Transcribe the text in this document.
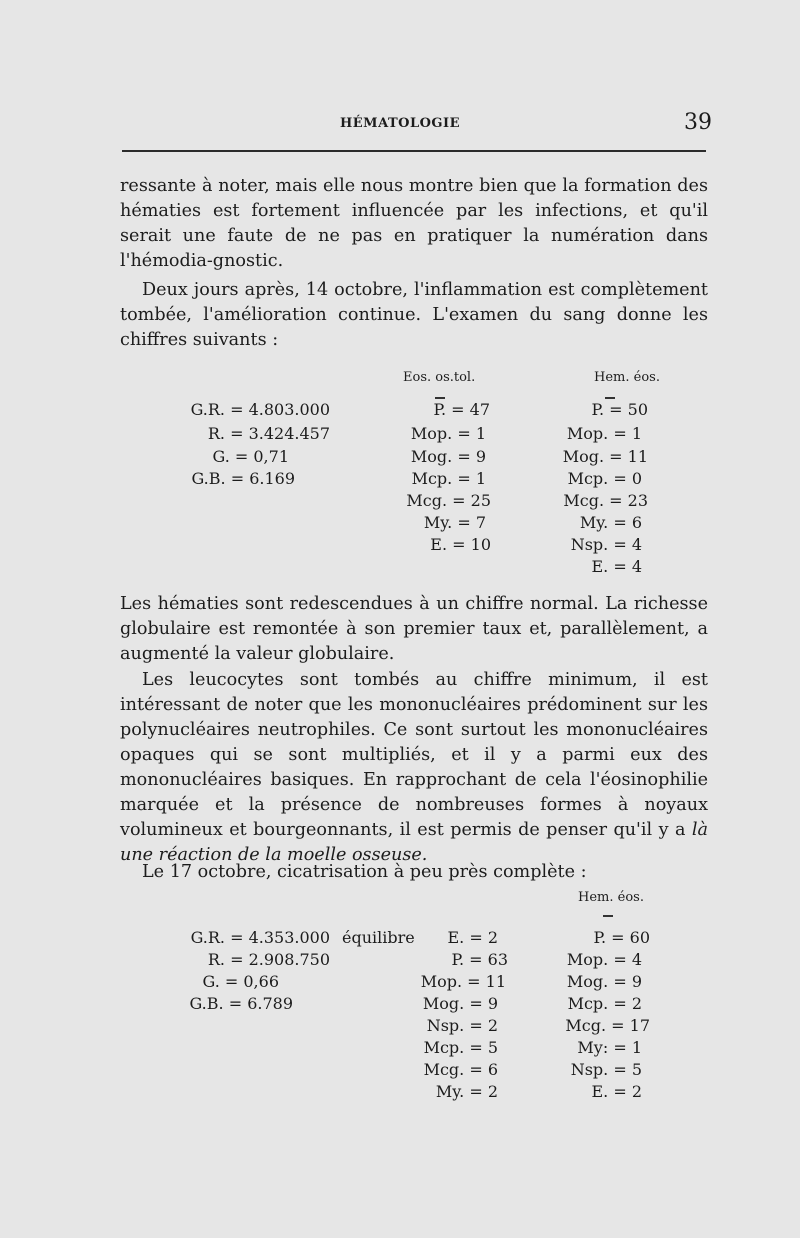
HÉMATOLOGIE	39

ressante à noter, mais elle nous montre bien que la formation des hématies est fortement influencée par les infections, et qu'il serait une faute de ne pas en pratiquer la numération dans l'hémodia-gnostic.

Deux jours après, 14 octobre, l'inflammation est complètement tombée, l'amélioration continue. L'examen du sang donne les chiffres suivants :

Eos. os.tol.	Hem. éos.
G.R. = 4.803.000
R. = 3.424.457
G. = 0,71
G.B. = 6.169
P. = 47
Mop. = 1
Mog. = 9
Mcp. = 1
Mcg. = 25
My. = 7
E. = 10
P. = 50
Mop. = 1
Mog. = 11
Mcp. = 0
Mcg. = 23
My. = 6
Nsp. = 4
E. = 4

Les hématies sont redescendues à un chiffre normal. La richesse globulaire est remontée à son premier taux et, parallèlement, a augmenté la valeur globulaire.

Les leucocytes sont tombés au chiffre minimum, il est intéressant de noter que les mononucléaires prédominent sur les polynucléaires neutrophiles. Ce sont surtout les mononucléaires opaques qui se sont multipliés, et il y a parmi eux des mononucléaires basiques. En rapprochant de cela l'éosinophilie marquée et la présence de nombreuses formes à noyaux volumineux et bourgeonnants, il est permis de penser qu'il y a là une réaction de la moelle osseuse.

Le 17 octobre, cicatrisation à peu près complète :

Hem. éos.
G.R. = 4.353.000
R. = 2.908.750
G. = 0,66
G.B. = 6.789
équilibre E. = 2
P. = 63
Mop. = 11
Mog. = 9
Nsp. = 2
Mcp. = 5
Mcg. = 6
My. = 2
P. = 60
Mop. = 4
Mog. = 9
Mcp. = 2
Mcg. = 17
My: = 1
Nsp. = 5
E. = 2
